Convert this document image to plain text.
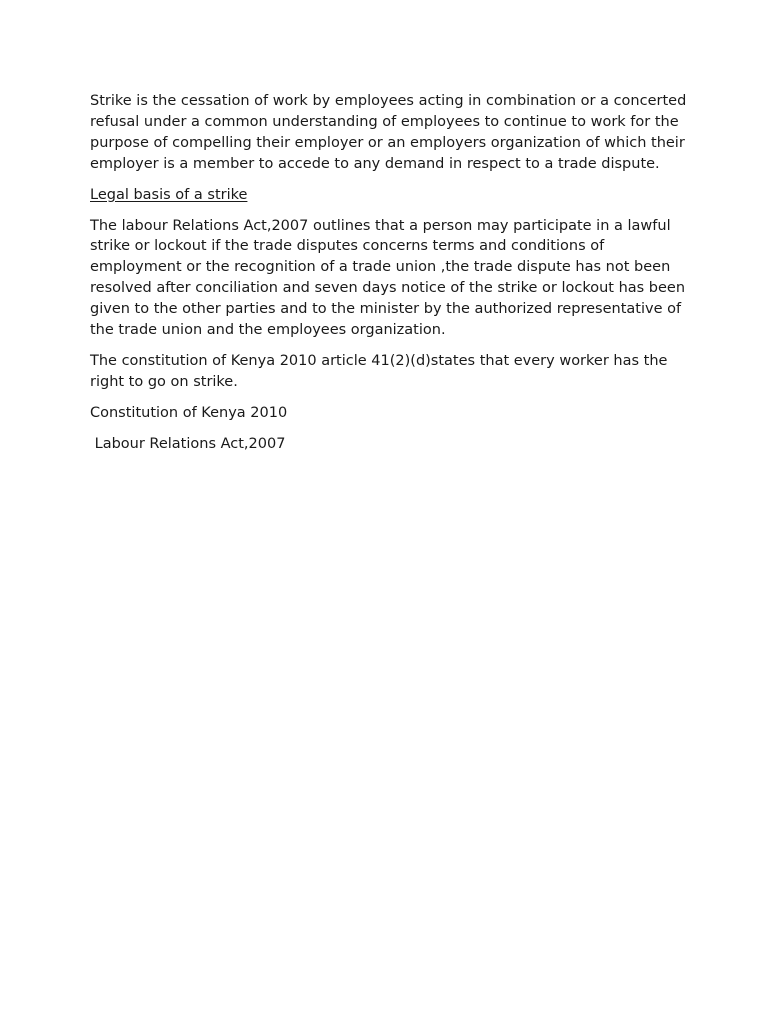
Strike is the cessation of work by employees acting in combination or a concerted refusal under a common understanding of employees to continue to work for the purpose of compelling their employer or an employers organization of which their employer is a member to accede to any demand in respect to a trade dispute.

Legal basis of a strike

The labour Relations Act,2007 outlines that a person may participate in a lawful strike or lockout if the trade disputes concerns terms and conditions of employment or the recognition of a trade union ,the trade dispute has not been resolved after conciliation and seven days notice of the strike or lockout has been given to the other parties and to the minister by the authorized representative of the trade union and the employees organization.

The constitution of Kenya 2010 article 41(2)(d)states that every worker has the right to go on strike.

Constitution of Kenya 2010

Labour Relations Act,2007
